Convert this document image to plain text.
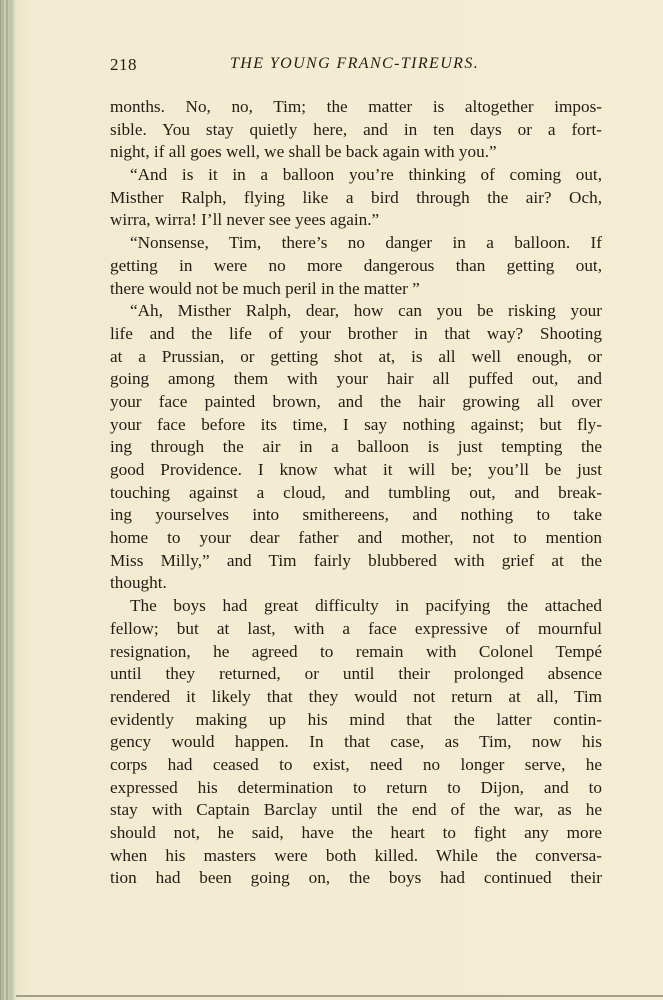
218	THE YOUNG FRANC-TIREURS.
months. No, no, Tim; the matter is altogether impos-
sible. You stay quietly here, and in ten days or a fort-
night, if all goes well, we shall be back again with you.”
“And is it in a balloon you’re thinking of coming out,
Misther Ralph, flying like a bird through the air? Och,
wirra, wirra! I’ll never see yees again.”
“Nonsense, Tim, there’s no danger in a balloon. If
getting in were no more dangerous than getting out,
there would not be much peril in the matter ”
“Ah, Misther Ralph, dear, how can you be risking your
life and the life of your brother in that way? Shooting
at a Prussian, or getting shot at, is all well enough, or
going among them with your hair all puffed out, and
your face painted brown, and the hair growing all over
your face before its time, I say nothing against; but fly-
ing through the air in a balloon is just tempting the
good Providence. I know what it will be; you’ll be just
touching against a cloud, and tumbling out, and break-
ing yourselves into smithereens, and nothing to take
home to your dear father and mother, not to mention
Miss Milly,” and Tim fairly blubbered with grief at the
thought.
The boys had great difficulty in pacifying the attached
fellow; but at last, with a face expressive of mournful
resignation, he agreed to remain with Colonel Tempé
until they returned, or until their prolonged absence
rendered it likely that they would not return at all, Tim
evidently making up his mind that the latter contin-
gency would happen. In that case, as Tim, now his
corps had ceased to exist, need no longer serve, he
expressed his determination to return to Dijon, and to
stay with Captain Barclay until the end of the war, as he
should not, he said, have the heart to fight any more
when his masters were both killed. While the conversa-
tion had been going on, the boys had continued their
